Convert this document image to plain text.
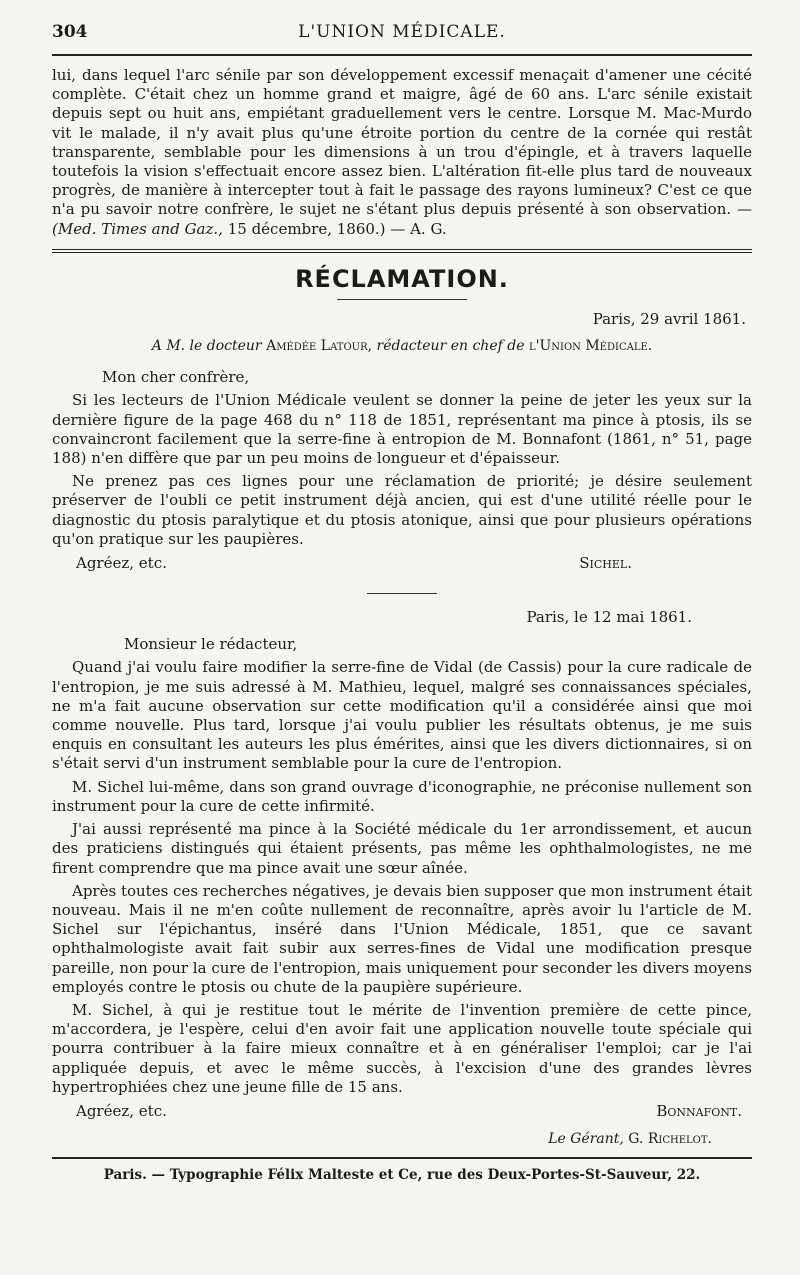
304	L'UNION MÉDICALE.

lui, dans lequel l'arc sénile par son développement excessif menaçait d'amener une cécité complète. C'était chez un homme grand et maigre, âgé de 60 ans. L'arc sénile existait depuis sept ou huit ans, empiétant graduellement vers le centre. Lorsque M. Mac-Murdo vit le malade, il n'y avait plus qu'une étroite portion du centre de la cornée qui restât transparente, semblable pour les dimensions à un trou d'épingle, et à travers laquelle toutefois la vision s'effectuait encore assez bien. L'altération fit-elle plus tard de nouveaux progrès, de manière à intercepter tout à fait le passage des rayons lumineux? C'est ce que n'a pu savoir notre confrère, le sujet ne s'étant plus depuis présenté à son observation. — (Med. Times and Gaz., 15 décembre, 1860.) — A. G.

RÉCLAMATION.

Paris, 29 avril 1861.

A M. le docteur Amédée Latour, rédacteur en chef de l'Union Médicale.

Mon cher confrère,

Si les lecteurs de l'Union Médicale veulent se donner la peine de jeter les yeux sur la dernière figure de la page 468 du n° 118 de 1851, représentant ma pince à ptosis, ils se convaincront facilement que la serre-fine à entropion de M. Bonnafont (1861, n° 51, page 188) n'en diffère que par un peu moins de longueur et d'épaisseur.

Ne prenez pas ces lignes pour une réclamation de priorité; je désire seulement préserver de l'oubli ce petit instrument déjà ancien, qui est d'une utilité réelle pour le diagnostic du ptosis paralytique et du ptosis atonique, ainsi que pour plusieurs opérations qu'on pratique sur les paupières.

Agréez, etc.	Sichel.

Paris, le 12 mai 1861.

Monsieur le rédacteur,

Quand j'ai voulu faire modifier la serre-fine de Vidal (de Cassis) pour la cure radicale de l'entropion, je me suis adressé à M. Mathieu, lequel, malgré ses connaissances spéciales, ne m'a fait aucune observation sur cette modification qu'il a considérée ainsi que moi comme nouvelle. Plus tard, lorsque j'ai voulu publier les résultats obtenus, je me suis enquis en consultant les auteurs les plus émérites, ainsi que les divers dictionnaires, si on s'était servi d'un instrument semblable pour la cure de l'entropion.

M. Sichel lui-même, dans son grand ouvrage d'iconographie, ne préconise nullement son instrument pour la cure de cette infirmité.

J'ai aussi représenté ma pince à la Société médicale du 1er arrondissement, et aucun des praticiens distingués qui étaient présents, pas même les ophthalmologistes, ne me firent comprendre que ma pince avait une sœur aînée.

Après toutes ces recherches négatives, je devais bien supposer que mon instrument était nouveau. Mais il ne m'en coûte nullement de reconnaître, après avoir lu l'article de M. Sichel sur l'épichantus, inséré dans l'Union Médicale, 1851, que ce savant ophthalmologiste avait fait subir aux serres-fines de Vidal une modification presque pareille, non pour la cure de l'entropion, mais uniquement pour seconder les divers moyens employés contre le ptosis ou chute de la paupière supérieure.

M. Sichel, à qui je restitue tout le mérite de l'invention première de cette pince, m'accordera, je l'espère, celui d'en avoir fait une application nouvelle toute spéciale qui pourra contribuer à la faire mieux connaître et à en généraliser l'emploi; car je l'ai appliquée depuis, et avec le même succès, à l'excision d'une des grandes lèvres hypertrophiées chez une jeune fille de 15 ans.

Agréez, etc.	Bonnafont.
Le Gérant, G. Richelot.
Paris. — Typographie Félix Malteste et Ce, rue des Deux-Portes-St-Sauveur, 22.
